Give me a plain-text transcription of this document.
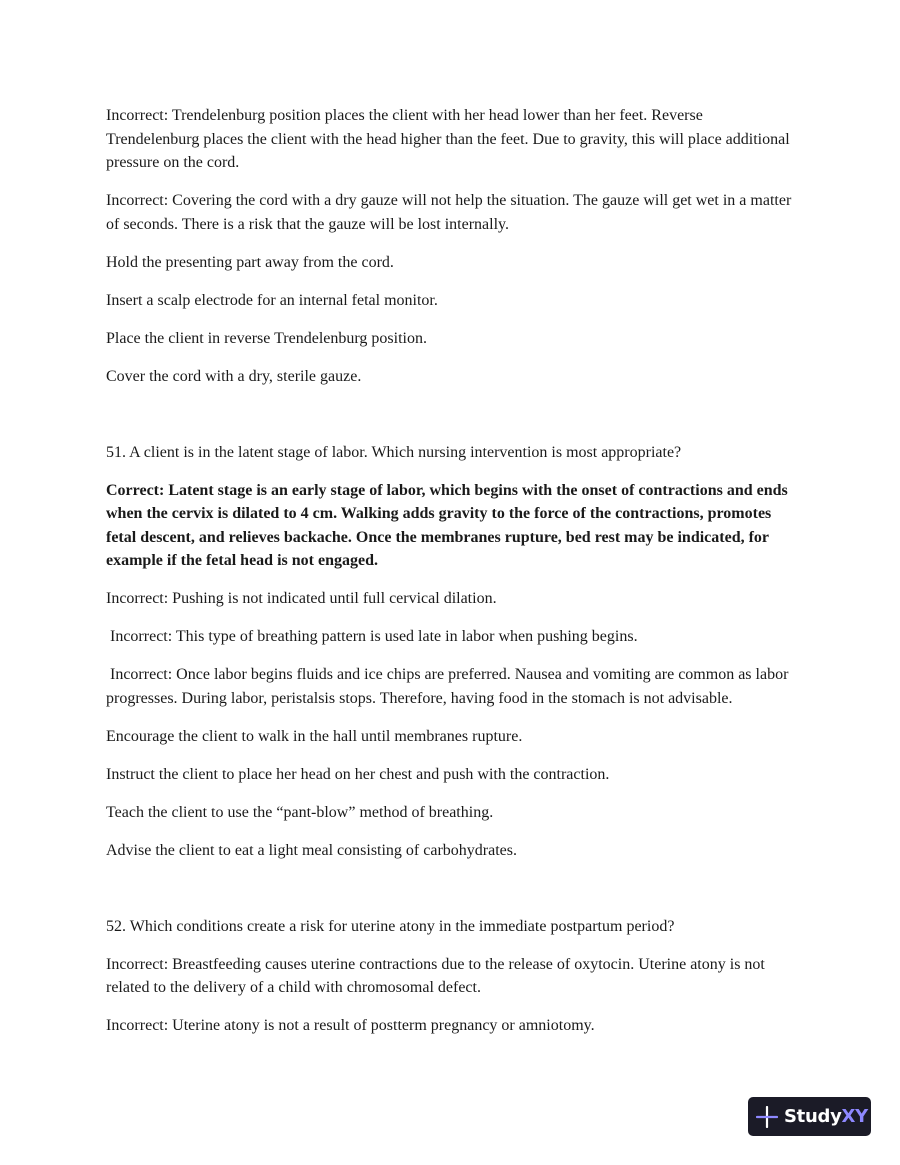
Incorrect: Trendelenburg position places the client with her head lower than her feet. Reverse Trendelenburg places the client with the head higher than the feet. Due to gravity, this will place additional pressure on the cord.

Incorrect: Covering the cord with a dry gauze will not help the situation. The gauze will get wet in a matter of seconds. There is a risk that the gauze will be lost internally.

Hold the presenting part away from the cord.

Insert a scalp electrode for an internal fetal monitor.

Place the client in reverse Trendelenburg position.

Cover the cord with a dry, sterile gauze.

51. A client is in the latent stage of labor. Which nursing intervention is most appropriate?

Correct: Latent stage is an early stage of labor, which begins with the onset of contractions and ends when the cervix is dilated to 4 cm. Walking adds gravity to the force of the contractions, promotes fetal descent, and relieves backache. Once the membranes rupture, bed rest may be indicated, for example if the fetal head is not engaged.

Incorrect: Pushing is not indicated until full cervical dilation.

Incorrect: This type of breathing pattern is used late in labor when pushing begins.

Incorrect: Once labor begins fluids and ice chips are preferred. Nausea and vomiting are common as labor progresses. During labor, peristalsis stops. Therefore, having food in the stomach is not advisable.

Encourage the client to walk in the hall until membranes rupture.

Instruct the client to place her head on her chest and push with the contraction.

Teach the client to use the “pant-blow” method of breathing.

Advise the client to eat a light meal consisting of carbohydrates.

52. Which conditions create a risk for uterine atony in the immediate postpartum period?

Incorrect: Breastfeeding causes uterine contractions due to the release of oxytocin. Uterine atony is not related to the delivery of a child with chromosomal defect.

Incorrect: Uterine atony is not a result of postterm pregnancy or amniotomy.

StudyXY
